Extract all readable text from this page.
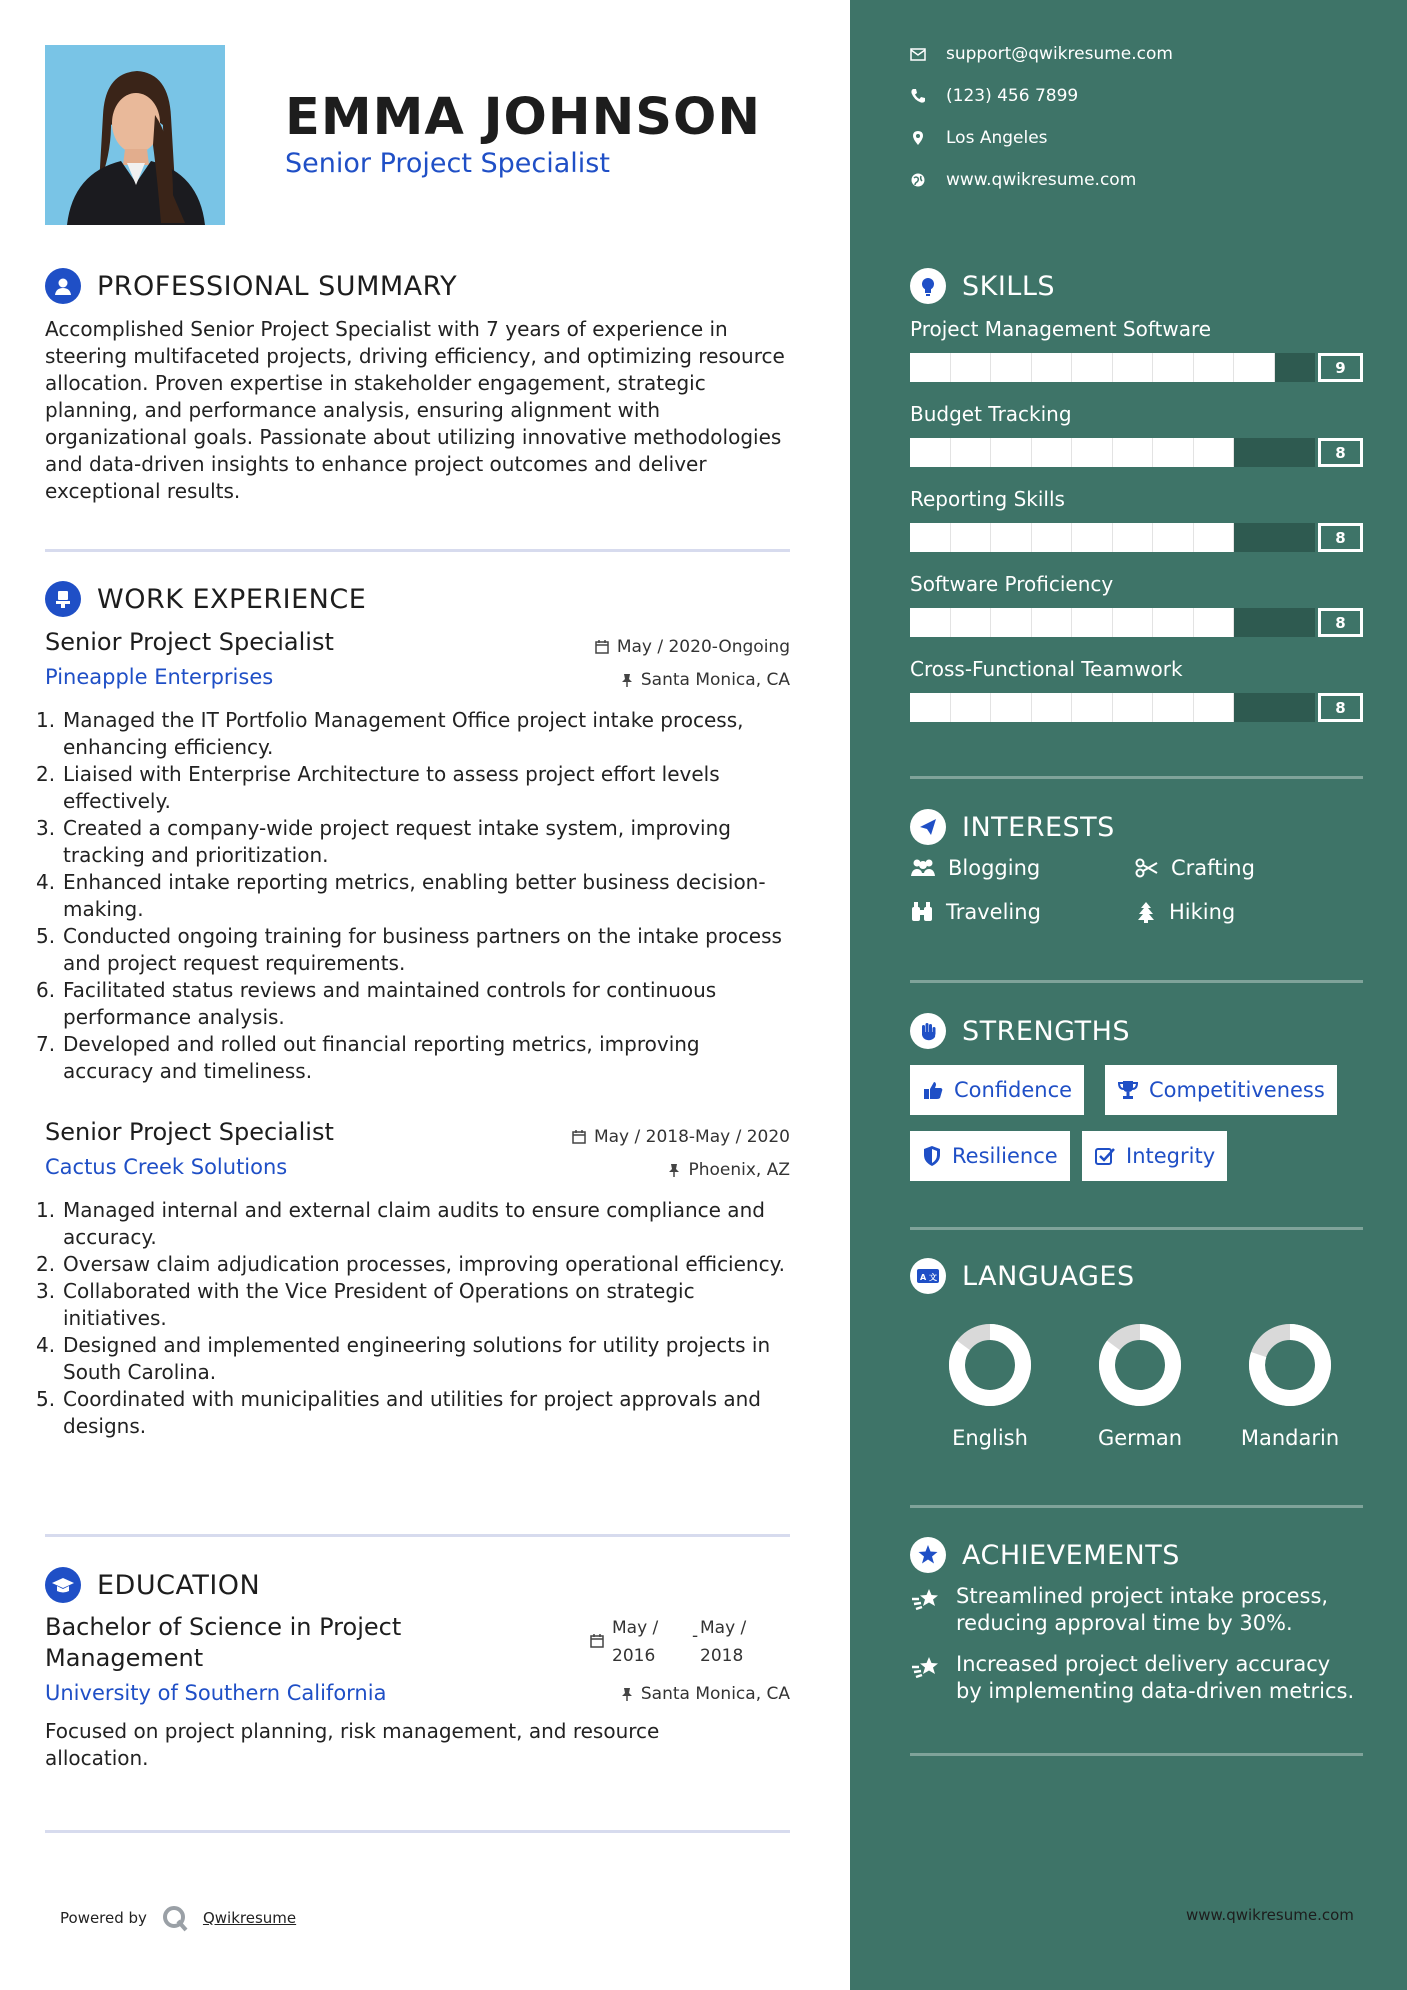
EMMA JOHNSON
Senior Project Specialist
PROFESSIONAL SUMMARY
Accomplished Senior Project Specialist with 7 years of experience in steering multifaceted projects, driving efficiency, and optimizing resource allocation. Proven expertise in stakeholder engagement, strategic planning, and performance analysis, ensuring alignment with organizational goals. Passionate about utilizing innovative methodologies and data-driven insights to enhance project outcomes and deliver exceptional results.
WORK EXPERIENCE
Senior Project Specialist	May / 2020-Ongoing
Pineapple Enterprises	Santa Monica, CA
1. Managed the IT Portfolio Management Office project intake process, enhancing efficiency.
2. Liaised with Enterprise Architecture to assess project effort levels effectively.
3. Created a company-wide project request intake system, improving tracking and prioritization.
4. Enhanced intake reporting metrics, enabling better business decision-making.
5. Conducted ongoing training for business partners on the intake process and project request requirements.
6. Facilitated status reviews and maintained controls for continuous performance analysis.
7. Developed and rolled out financial reporting metrics, improving accuracy and timeliness.
Senior Project Specialist	May / 2018-May / 2020
Cactus Creek Solutions	Phoenix, AZ
1. Managed internal and external claim audits to ensure compliance and accuracy.
2. Oversaw claim adjudication processes, improving operational efficiency.
3. Collaborated with the Vice President of Operations on strategic initiatives.
4. Designed and implemented engineering solutions for utility projects in South Carolina.
5. Coordinated with municipalities and utilities for project approvals and designs.
EDUCATION
Bachelor of Science in Project
Management
May /
2016
- May /
2018
University of Southern California	Santa Monica, CA
Focused on project planning, risk management, and resource allocation.
Powered by	Qwikresume
support@qwikresume.com
(123) 456 7899
Los Angeles
www.qwikresume.com
SKILLS
Project Management Software
9
Budget Tracking
8
Reporting Skills
8
Software Proficiency
8
Cross-Functional Teamwork
8
INTERESTS
Blogging	Crafting
Traveling	Hiking
STRENGTHS
Confidence	Competitiveness
Resilience	Integrity
A 文 LANGUAGES
English	German	Mandarin
ACHIEVEMENTS
Streamlined project intake process,
reducing approval time by 30%.
Increased project delivery accuracy
by implementing data-driven metrics.
www.qwikresume.com
